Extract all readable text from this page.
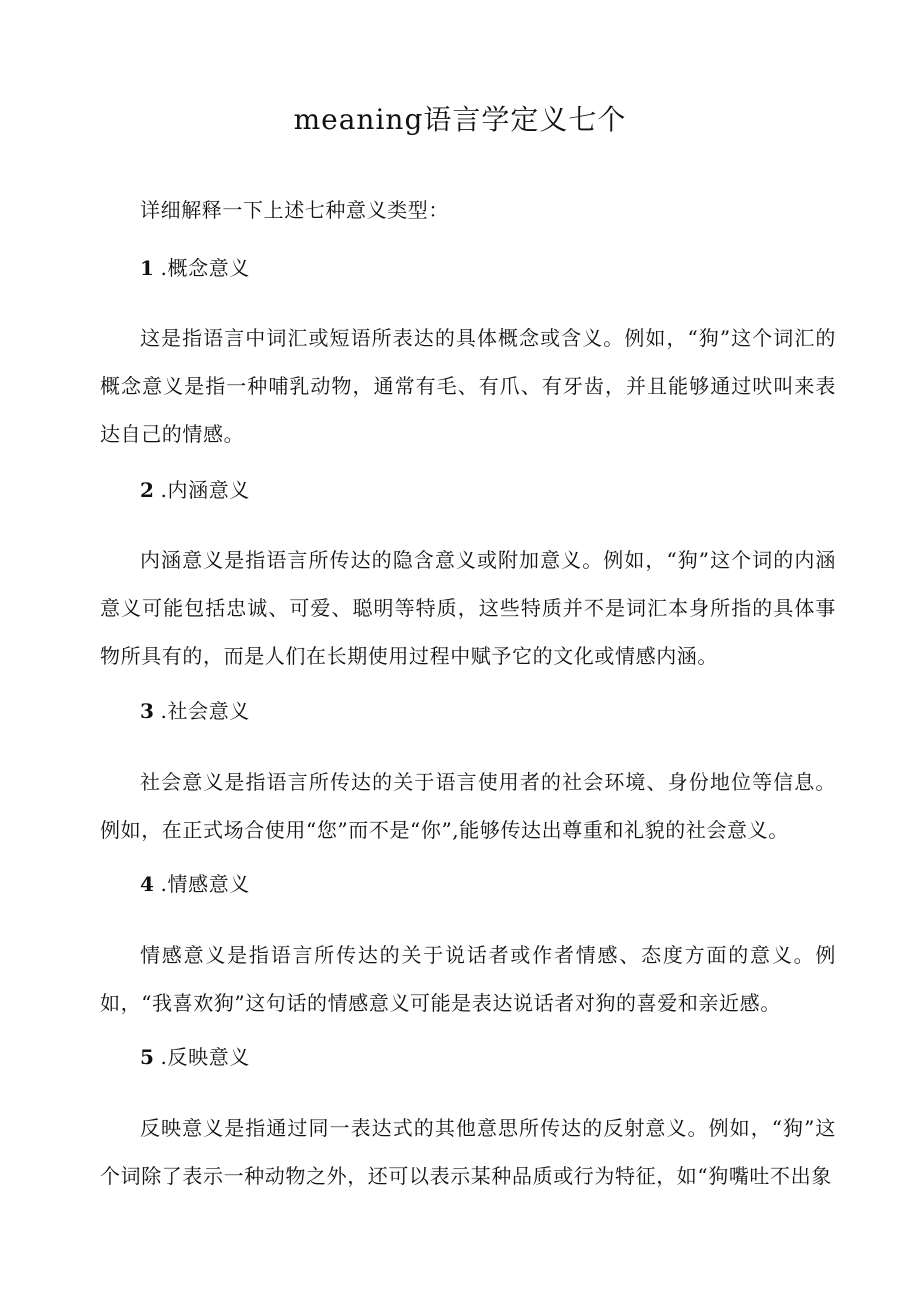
meaning语言学定义七个

详细解释一下上述七种意义类型：

1 .概念意义

这是指语言中词汇或短语所表达的具体概念或含义。例如，“狗”这个词汇的概念意义是指一种哺乳动物，通常有毛、有爪、有牙齿，并且能够通过吠叫来表达自己的情感。

2 .内涵意义

内涵意义是指语言所传达的隐含意义或附加意义。例如，“狗”这个词的内涵意义可能包括忠诚、可爱、聪明等特质，这些特质并不是词汇本身所指的具体事物所具有的，而是人们在长期使用过程中赋予它的文化或情感内涵。

3 .社会意义

社会意义是指语言所传达的关于语言使用者的社会环境、身份地位等信息。例如，在正式场合使用“您”而不是“你”,能够传达出尊重和礼貌的社会意义。

4 .情感意义

情感意义是指语言所传达的关于说话者或作者情感、态度方面的意义。例如，“我喜欢狗”这句话的情感意义可能是表达说话者对狗的喜爱和亲近感。

5 .反映意义

反映意义是指通过同一表达式的其他意思所传达的反射意义。例如，“狗”这个词除了表示一种动物之外，还可以表示某种品质或行为特征，如“狗嘴吐不出象
